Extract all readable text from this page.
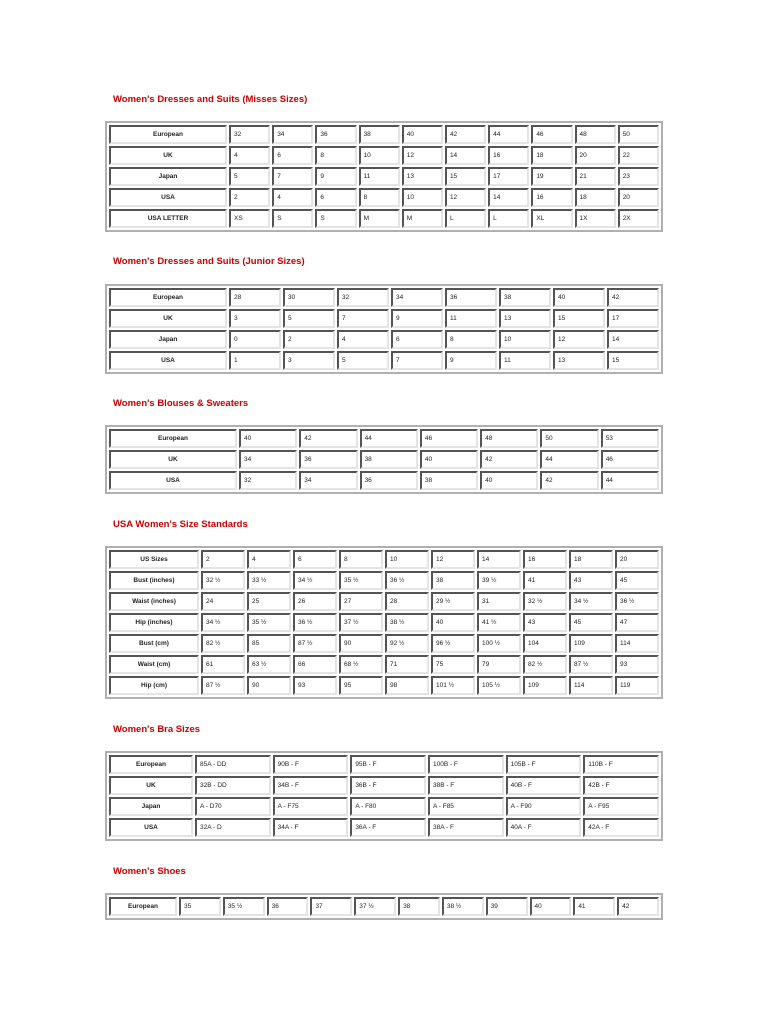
Women's Dresses and Suits (Misses Sizes)
European	32	34	36	38	40	42	44	46	48	50
UK	4	6	8	10	12	14	16	18	20	22
Japan	5	7	9	11	13	15	17	19	21	23
USA	2	4	6	8	10	12	14	16	18	20
USA LETTER	XS	S	S	M	M	L	L	XL	1X	2X
Women's Dresses and Suits (Junior Sizes)
European	28	30	32	34	36	38	40	42
UK	3	5	7	9	11	13	15	17
Japan	0	2	4	6	8	10	12	14
USA	1	3	5	7	9	11	13	15
Women's Blouses & Sweaters
European	40	42	44	46	48	50	53
UK	34	36	38	40	42	44	46
USA	32	34	36	38	40	42	44
USA Women's Size Standards
US Sizes	2	4	6	8	10	12	14	16	18	20
Bust (inches)	32 ½	33 ½	34 ½	35 ½	36 ½	38	39 ½	41	43	45
Waist (inches)	24	25	26	27	28	29 ½	31	32 ½	34 ½	36 ½
Hip (inches)	34 ½	35 ½	36 ½	37 ½	38 ½	40	41 ½	43	45	47
Bust (cm)	82 ½	85	87 ½	90	92 ½	96 ½	100 ½	104	109	114
Waist (cm)	61	63 ½	66	68 ½	71	75	79	82 ½	87 ½	93
Hip (cm)	87 ½	90	93	95	98	101 ½	105 ½	109	114	119
Women's Bra Sizes
European	85A - DD	90B - F	95B - F	100B - F	105B - F	110B - F
UK	32B - DD	34B - F	36B - F	38B - F	40B - F	42B - F
Japan	A - D70	A - F75	A - F80	A - F85	A - F90	A - F95
USA	32A - D	34A - F	36A - F	38A - F	40A - F	42A - F
Women's Shoes
European	35	35 ½	36	37	37 ½	38	38 ½	39	40	41	42
